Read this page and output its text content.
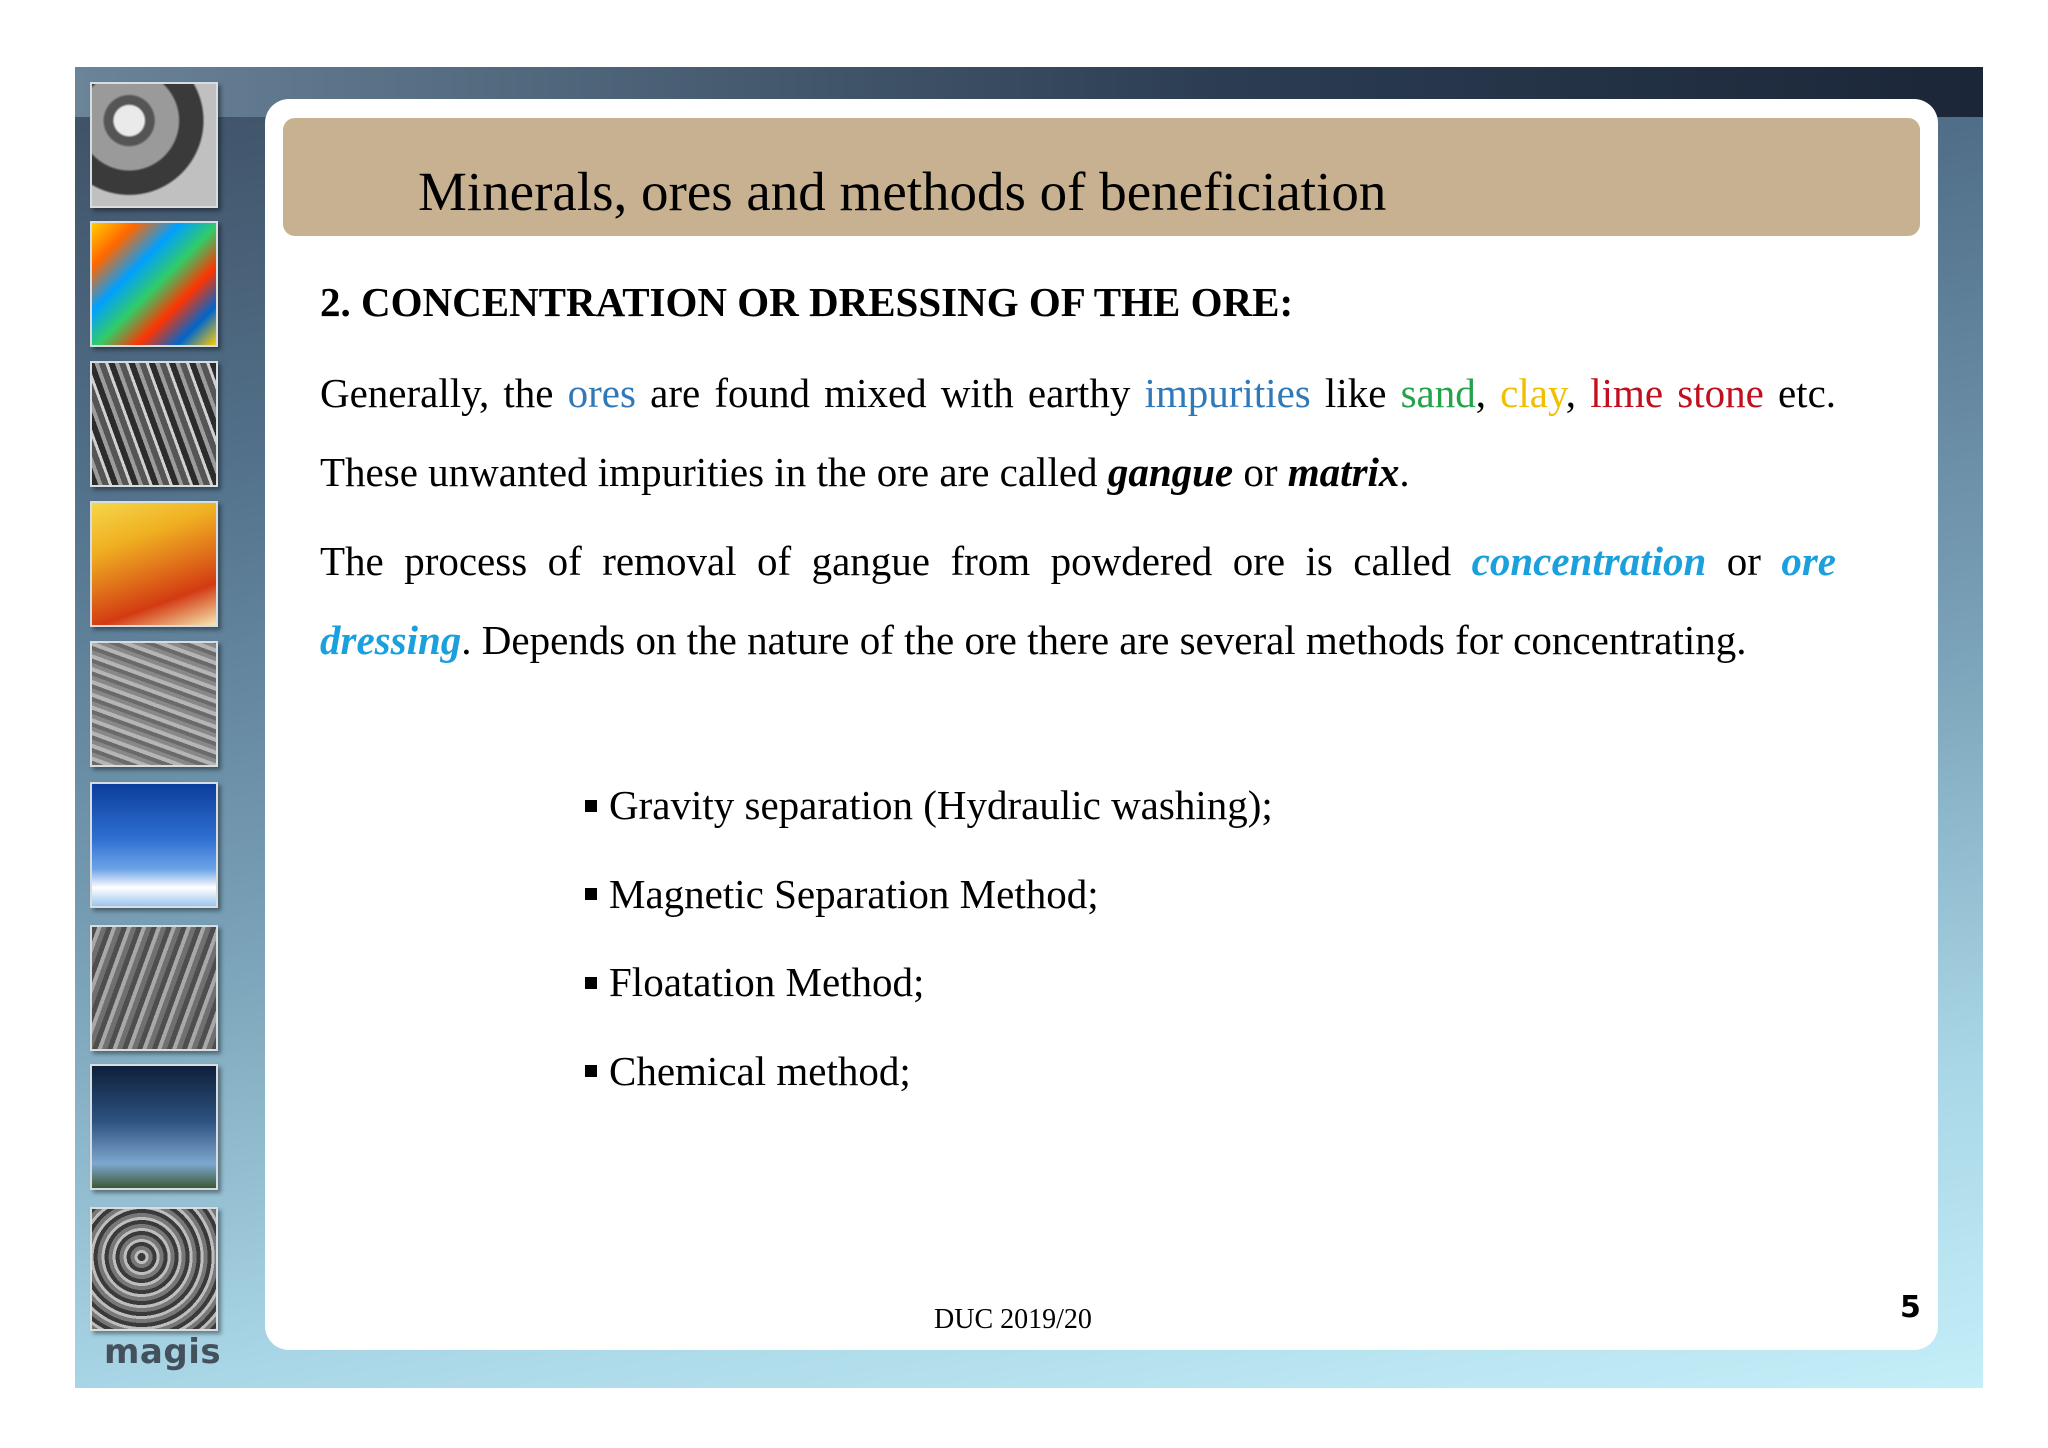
magis
Minerals, ores and methods of beneficiation
2. CONCENTRATION OR DRESSING OF THE ORE:
Generally, the ores are found mixed with earthy impurities like sand, clay, lime stone etc. These unwanted impurities in the ore are called gangue or matrix.
The process of removal of gangue from powdered ore is called concentration or ore dressing. Depends on the nature of the ore there are several methods for concentrating.
Gravity separation (Hydraulic washing);
Magnetic Separation Method;
Floatation Method;
Chemical method;
DUC 2019/20	5
